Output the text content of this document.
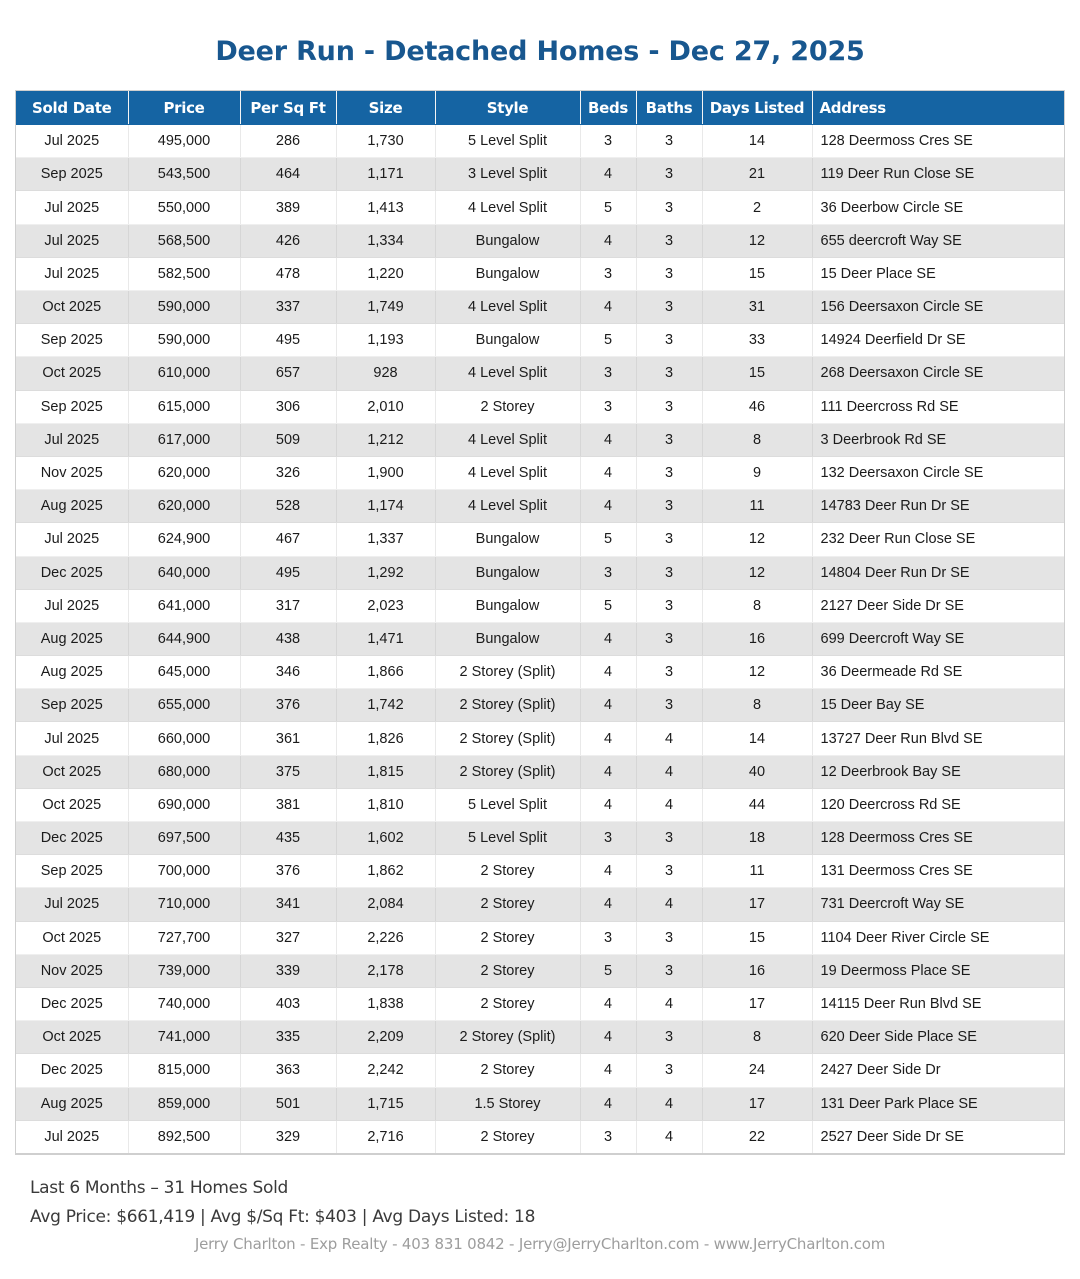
Deer Run - Detached Homes - Dec 27, 2025
Sold Date	Price	Per Sq Ft	Size	Style	Beds	Baths	Days Listed	Address
Jul 2025	495,000	286	1,730	5 Level Split	3	3	14	128 Deermoss Cres SE
Sep 2025	543,500	464	1,171	3 Level Split	4	3	21	119 Deer Run Close SE
Jul 2025	550,000	389	1,413	4 Level Split	5	3	2	36 Deerbow Circle SE
Jul 2025	568,500	426	1,334	Bungalow	4	3	12	655 deercroft Way SE
Jul 2025	582,500	478	1,220	Bungalow	3	3	15	15 Deer Place SE
Oct 2025	590,000	337	1,749	4 Level Split	4	3	31	156 Deersaxon Circle SE
Sep 2025	590,000	495	1,193	Bungalow	5	3	33	14924 Deerfield Dr SE
Oct 2025	610,000	657	928	4 Level Split	3	3	15	268 Deersaxon Circle SE
Sep 2025	615,000	306	2,010	2 Storey	3	3	46	111 Deercross Rd SE
Jul 2025	617,000	509	1,212	4 Level Split	4	3	8	3 Deerbrook Rd SE
Nov 2025	620,000	326	1,900	4 Level Split	4	3	9	132 Deersaxon Circle SE
Aug 2025	620,000	528	1,174	4 Level Split	4	3	11	14783 Deer Run Dr SE
Jul 2025	624,900	467	1,337	Bungalow	5	3	12	232 Deer Run Close SE
Dec 2025	640,000	495	1,292	Bungalow	3	3	12	14804 Deer Run Dr SE
Jul 2025	641,000	317	2,023	Bungalow	5	3	8	2127 Deer Side Dr SE
Aug 2025	644,900	438	1,471	Bungalow	4	3	16	699 Deercroft Way SE
Aug 2025	645,000	346	1,866	2 Storey (Split)	4	3	12	36 Deermeade Rd SE
Sep 2025	655,000	376	1,742	2 Storey (Split)	4	3	8	15 Deer Bay SE
Jul 2025	660,000	361	1,826	2 Storey (Split)	4	4	14	13727 Deer Run Blvd SE
Oct 2025	680,000	375	1,815	2 Storey (Split)	4	4	40	12 Deerbrook Bay SE
Oct 2025	690,000	381	1,810	5 Level Split	4	4	44	120 Deercross Rd SE
Dec 2025	697,500	435	1,602	5 Level Split	3	3	18	128 Deermoss Cres SE
Sep 2025	700,000	376	1,862	2 Storey	4	3	11	131 Deermoss Cres SE
Jul 2025	710,000	341	2,084	2 Storey	4	4	17	731 Deercroft Way SE
Oct 2025	727,700	327	2,226	2 Storey	3	3	15	1104 Deer River Circle SE
Nov 2025	739,000	339	2,178	2 Storey	5	3	16	19 Deermoss Place SE
Dec 2025	740,000	403	1,838	2 Storey	4	4	17	14115 Deer Run Blvd SE
Oct 2025	741,000	335	2,209	2 Storey (Split)	4	3	8	620 Deer Side Place SE
Dec 2025	815,000	363	2,242	2 Storey	4	3	24	2427 Deer Side Dr
Aug 2025	859,000	501	1,715	1.5 Storey	4	4	17	131 Deer Park Place SE
Jul 2025	892,500	329	2,716	2 Storey	3	4	22	2527 Deer Side Dr SE
Last 6 Months – 31 Homes Sold
Avg Price: $661,419 | Avg $/Sq Ft: $403 | Avg Days Listed: 18
Jerry Charlton - Exp Realty - 403 831 0842 - Jerry@JerryCharlton.com - www.JerryCharlton.com
